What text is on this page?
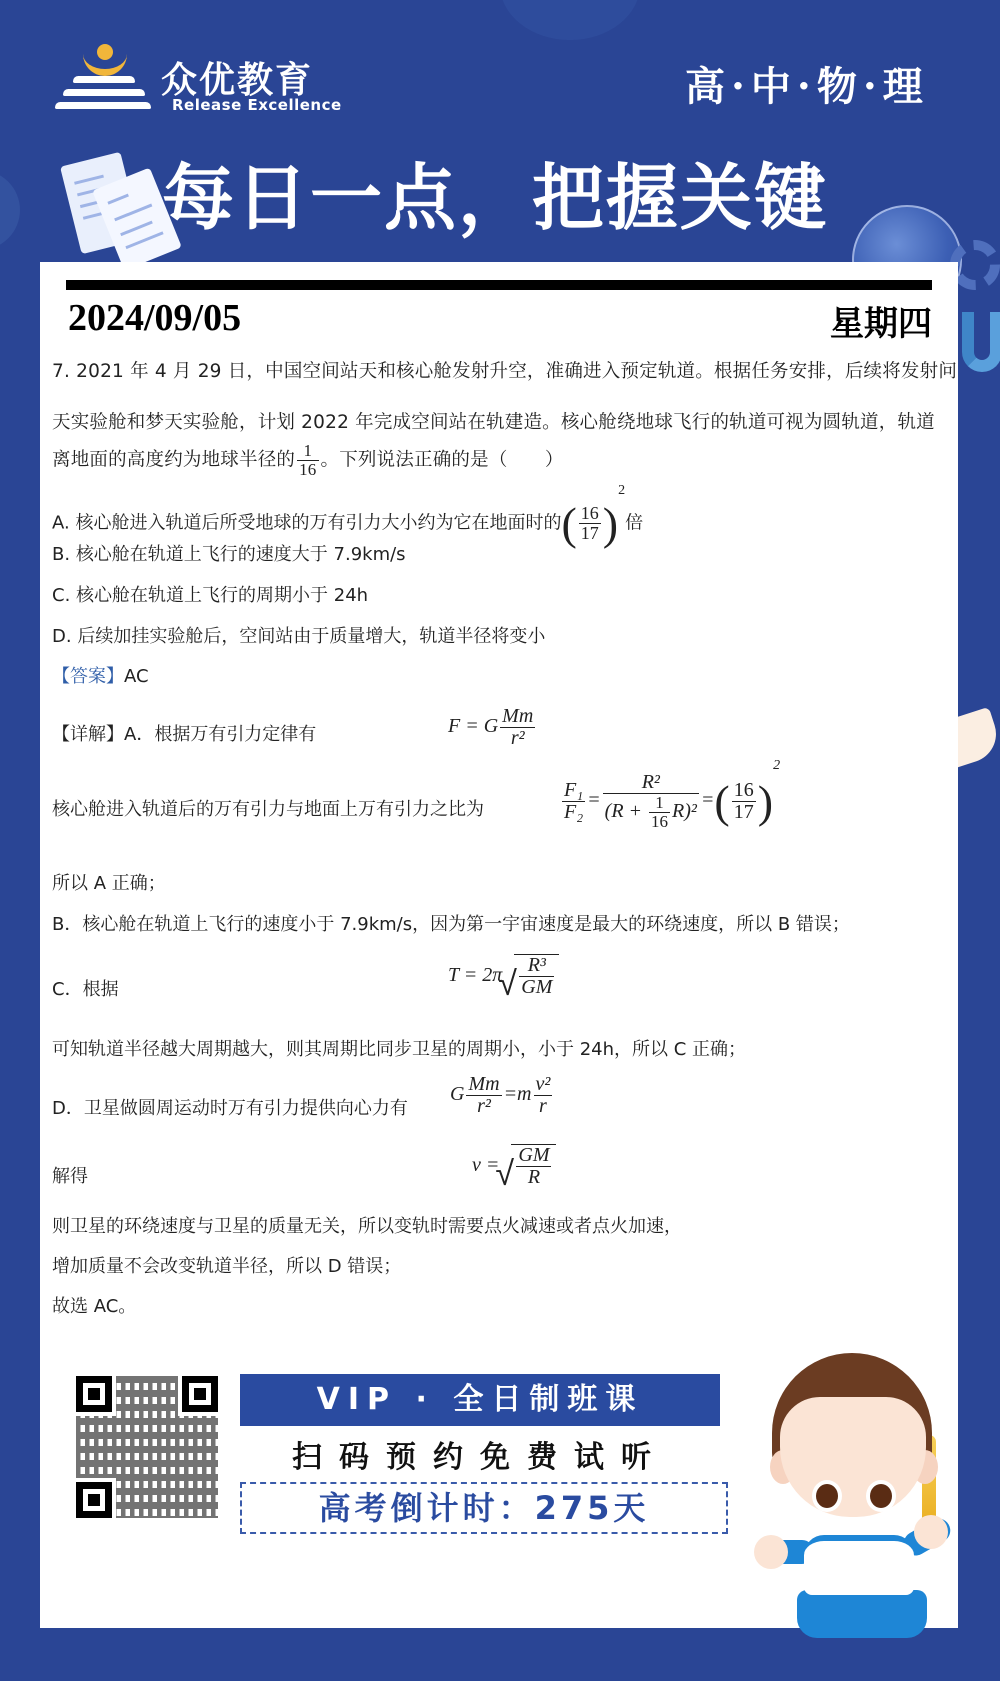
众优教育
Release Excellence	高·中·物·理
每日一点，把握关键
2024/09/05	星期四
7. 2021 年 4 月 29 日，中国空间站天和核心舱发射升空，准确进入预定轨道。根据任务安排，后续将发射问
天实验舱和梦天实验舱，计划 2022 年完成空间站在轨建造。核心舱绕地球飞行的轨道可视为圆轨道，轨道
离地面的高度约为地球半径的 $\frac{1}{16}$ 。下列说法正确的是（　　）
A. 核心舱进入轨道后所受地球的万有引力大小约为它在地面时的( $\frac{16}{17} )^2$倍
B. 核心舱在轨道上飞行的速度大于 7.9km/s
C. 核心舱在轨道上飞行的周期小于 24h
D. 后续加挂实验舱后，空间站由于质量增大，轨道半径将变小
【答案】AC
【详解】A．根据万有引力定律有	F = G $\frac{Mm}{\text{r²}}$
核心舱进入轨道后的万有引力与地面上万有引力之比为	$\frac{\text{F₁}}{\text{F₂}} = \frac{\text{R²}}{(R + \frac{1}{16} R)^2}$ =( $\frac{16}{17} )^2$
所以 A 正确；
B．核心舱在轨道上飞行的速度小于 7.9km/s，因为第一宇宙速度是最大的环绕速度，所以 B 错误；
C．根据
T = 2π √ $\frac{\text{R³}}{GM}$
可知轨道半径越大周期越大，则其周期比同步卫星的周期小，小于 24h，所以 C 正确；
D．卫星做圆周运动时万有引力提供向心力有
G $\frac{Mm}{\text{r²}} =m \frac{\text{v²}}{r}$
解得
v = √ $\frac{GM}{R}$
则卫星的环绕速度与卫星的质量无关，所以变轨时需要点火减速或者点火加速，
增加质量不会改变轨道半径，所以 D 错误；
故选 AC。
VIP · 全日制班课
扫码预约免费试听
高考倒计时：275天
